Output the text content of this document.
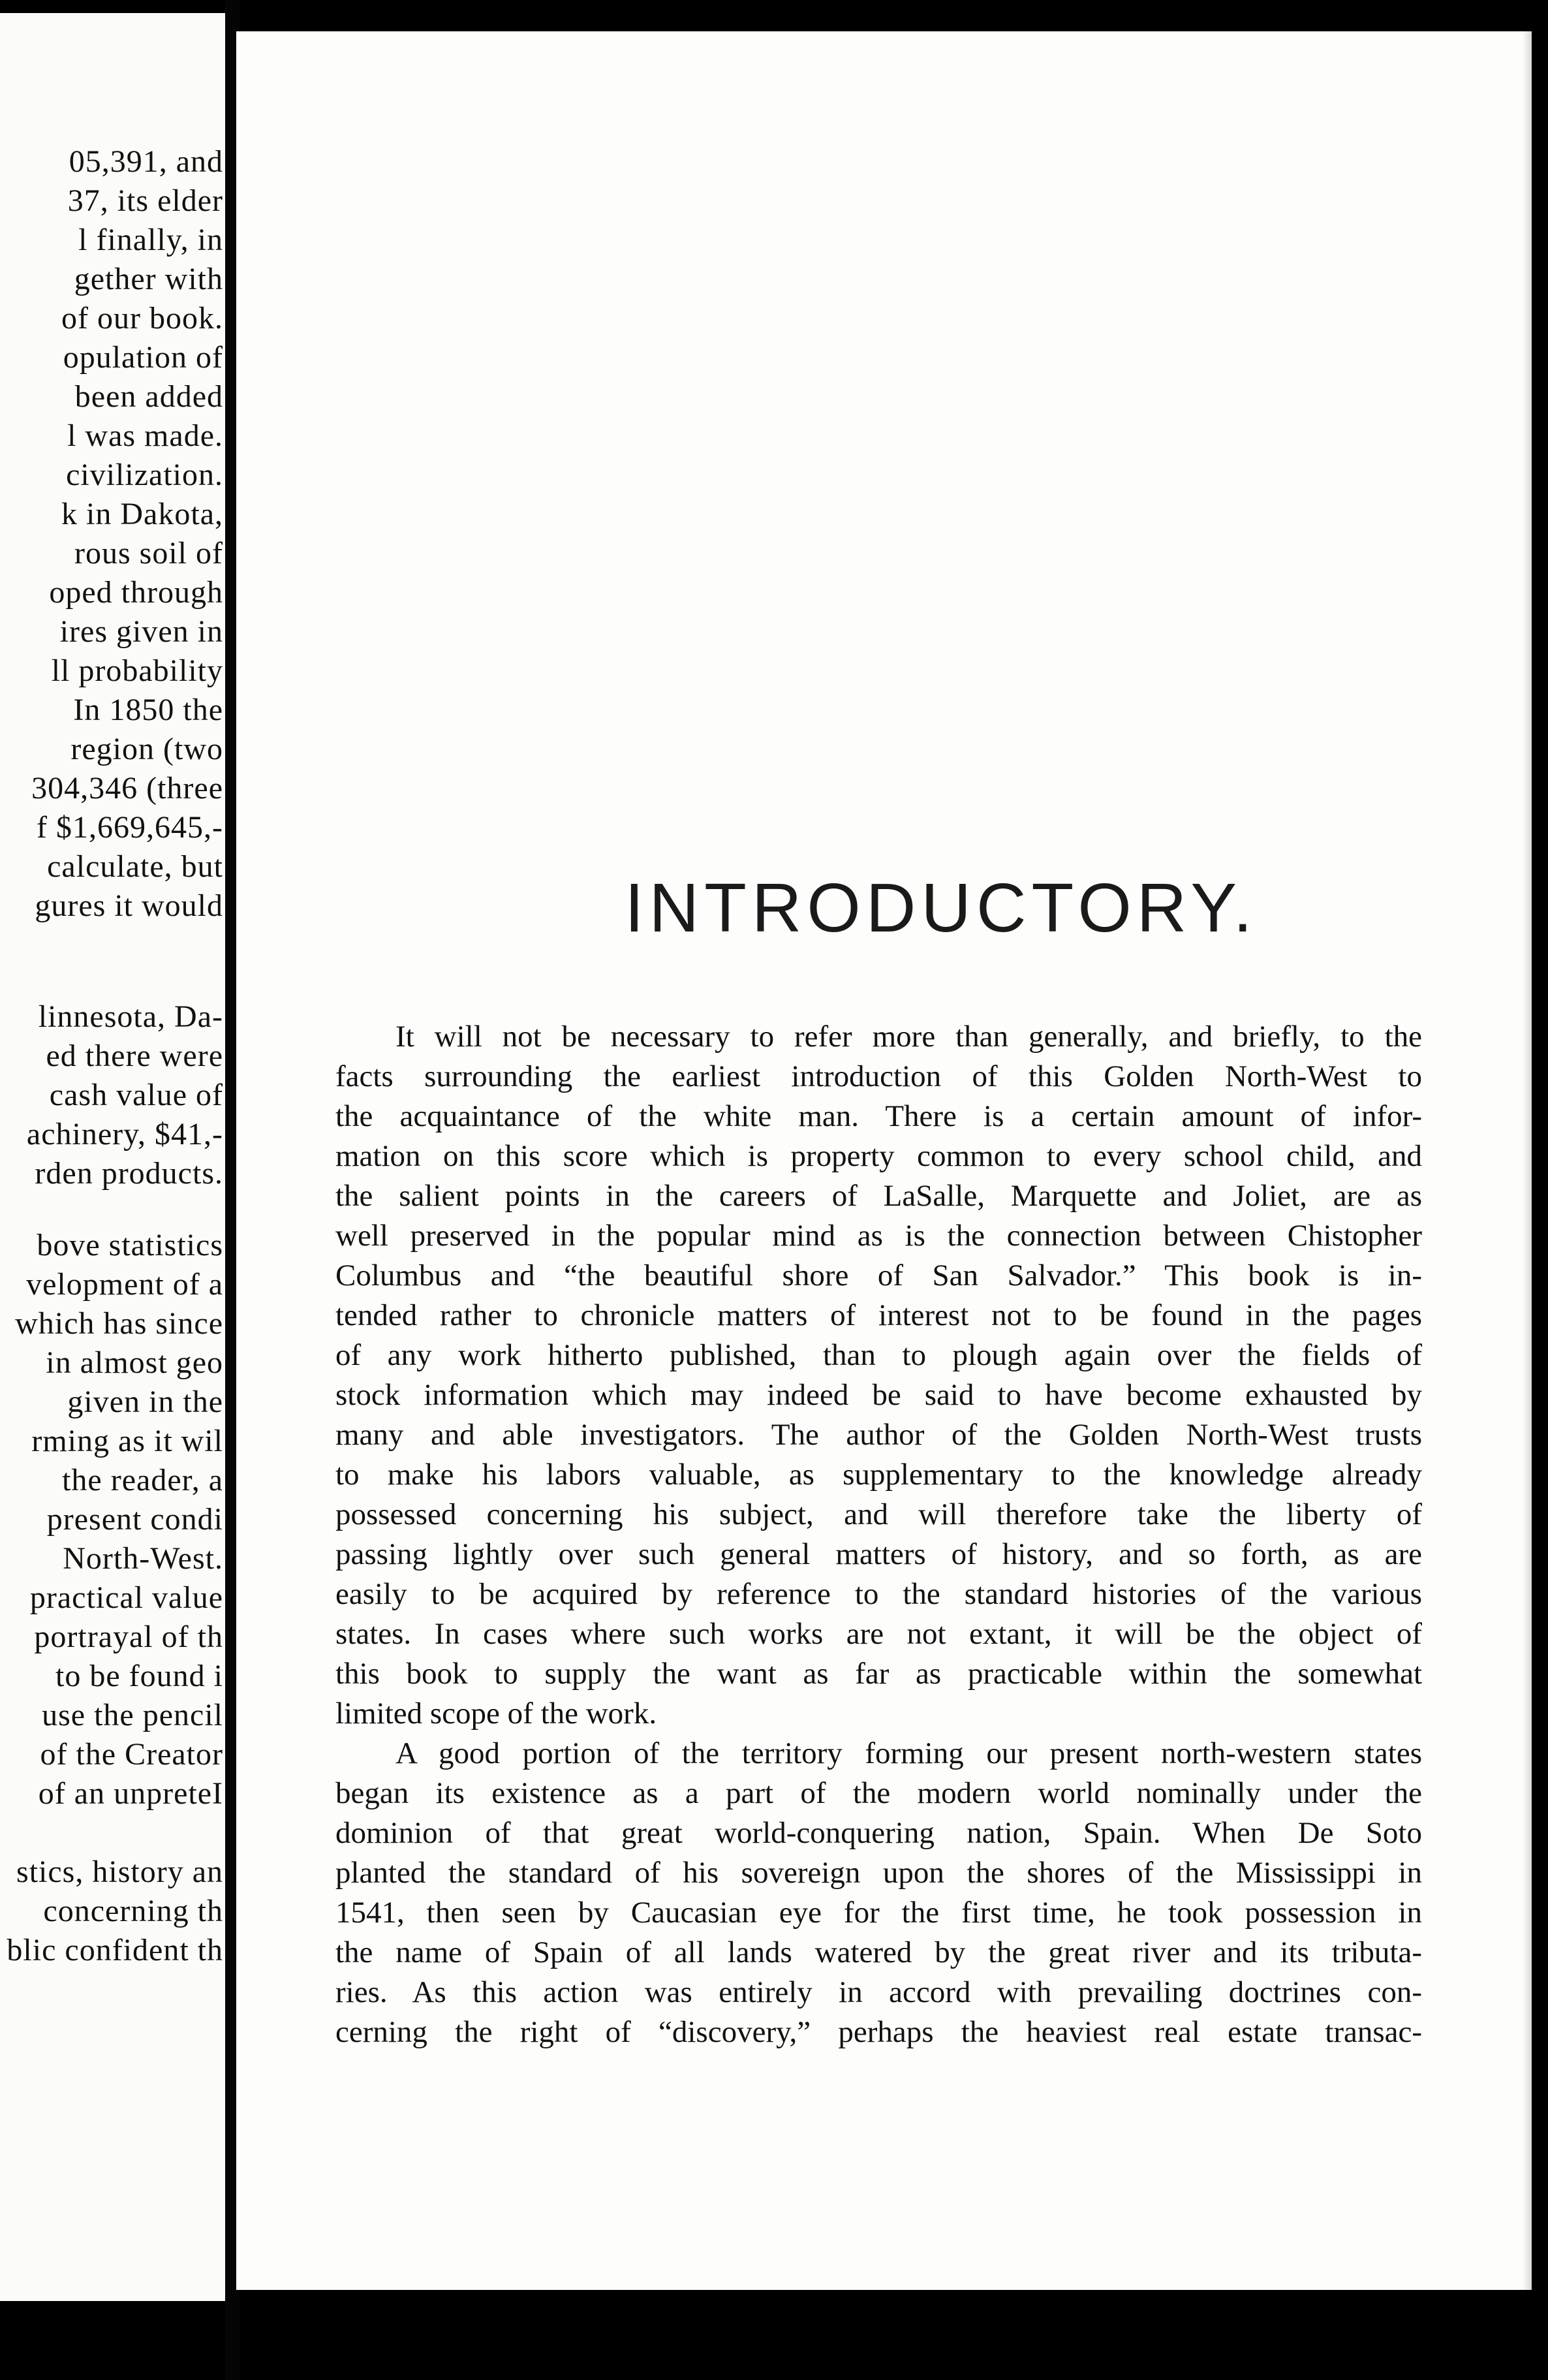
05,391, and
37, its elder
l finally, in
gether with
of our book.
opulation of
been added
l was made.
civilization.
k in Dakota,
rous soil of
oped through
ires given in
ll probability
In 1850 the
region (two
304,346 (three
f $1,669,645,-
calculate, but
gures it would
linnesota, Da-
ed there were
cash value of
achinery, $41,-
rden products.
bove statistics
velopment of a
which has since
in almost geo
given in the
rming as it wil
the reader, a
present condi
North-West.
practical value
portrayal of th
to be found i
use the pencil
of the Creator
of an unpreteI
stics, history an
concerning th
blic confident th
INTRODUCTORY.
It will not be necessary to refer more than generally, and briefly, to the
facts surrounding the earliest introduction of this Golden North-West to
the acquaintance of the white man. There is a certain amount of infor-
mation on this score which is property common to every school child, and
the salient points in the careers of LaSalle, Marquette and Joliet, are as
well preserved in the popular mind as is the connection between Chistopher
Columbus and “the beautiful shore of San Salvador.” This book is in-
tended rather to chronicle matters of interest not to be found in the pages
of any work hitherto published, than to plough again over the fields of
stock information which may indeed be said to have become exhausted by
many and able investigators. The author of the Golden North-West trusts
to make his labors valuable, as supplementary to the knowledge already
possessed concerning his subject, and will therefore take the liberty of
passing lightly over such general matters of history, and so forth, as are
easily to be acquired by reference to the standard histories of the various
states. In cases where such works are not extant, it will be the object of
this book to supply the want as far as practicable within the somewhat
limited scope of the work.
A good portion of the territory forming our present north-western states
began its existence as a part of the modern world nominally under the
dominion of that great world-conquering nation, Spain. When De Soto
planted the standard of his sovereign upon the shores of the Mississippi in
1541, then seen by Caucasian eye for the first time, he took possession in
the name of Spain of all lands watered by the great river and its tributa-
ries. As this action was entirely in accord with prevailing doctrines con-
cerning the right of “discovery,” perhaps the heaviest real estate transac-
